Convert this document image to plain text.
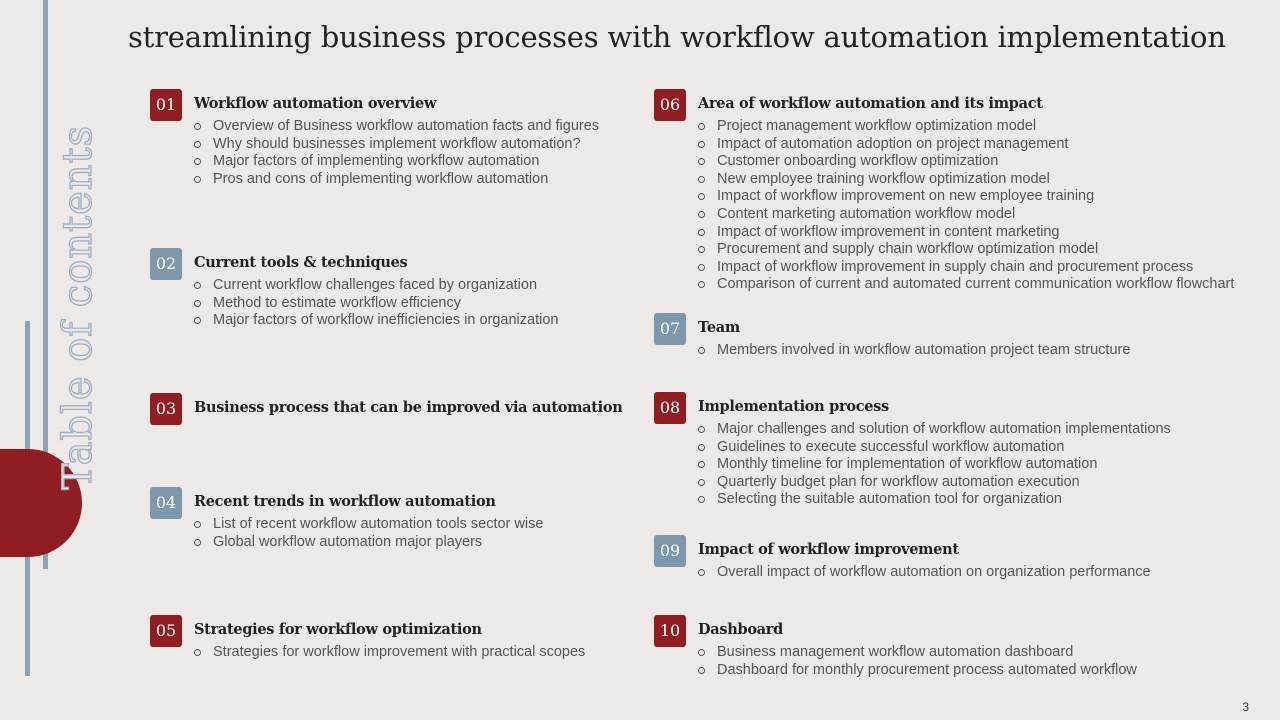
Table of contents
streamlining business processes with workflow automation implementation
01	Workflow automation overview
Overview of Business workflow automation facts and figures
Why should businesses implement workflow automation?
Major factors of implementing workflow automation
Pros and cons of implementing workflow automation
02	Current tools & techniques
Current workflow challenges faced by organization
Method to estimate workflow efficiency
Major factors of workflow inefficiencies in organization
03	Business process that can be improved via automation
04	Recent trends in workflow automation
List of recent workflow automation tools sector wise
Global workflow automation major players
05	Strategies for workflow optimization
Strategies for workflow improvement with practical scopes
06	Area of workflow automation and its impact
Project management workflow optimization model
Impact of automation adoption on project management
Customer onboarding workflow optimization
New employee training workflow optimization model
Impact of workflow improvement on new employee training
Content marketing automation workflow model
Impact of workflow improvement in content marketing
Procurement and supply chain workflow optimization model
Impact of workflow improvement in supply chain and procurement process
Comparison of current and automated current communication workflow flowchart
07	Team
Members involved in workflow automation project team structure
08	Implementation process
Major challenges and solution of workflow automation implementations
Guidelines to execute successful workflow automation
Monthly timeline for implementation of workflow automation
Quarterly budget plan for workflow automation execution
Selecting the suitable automation tool for organization
09	Impact of workflow improvement
Overall impact of workflow automation on organization performance
10	Dashboard
Business management workflow automation dashboard
Dashboard for monthly procurement process automated workflow
3
